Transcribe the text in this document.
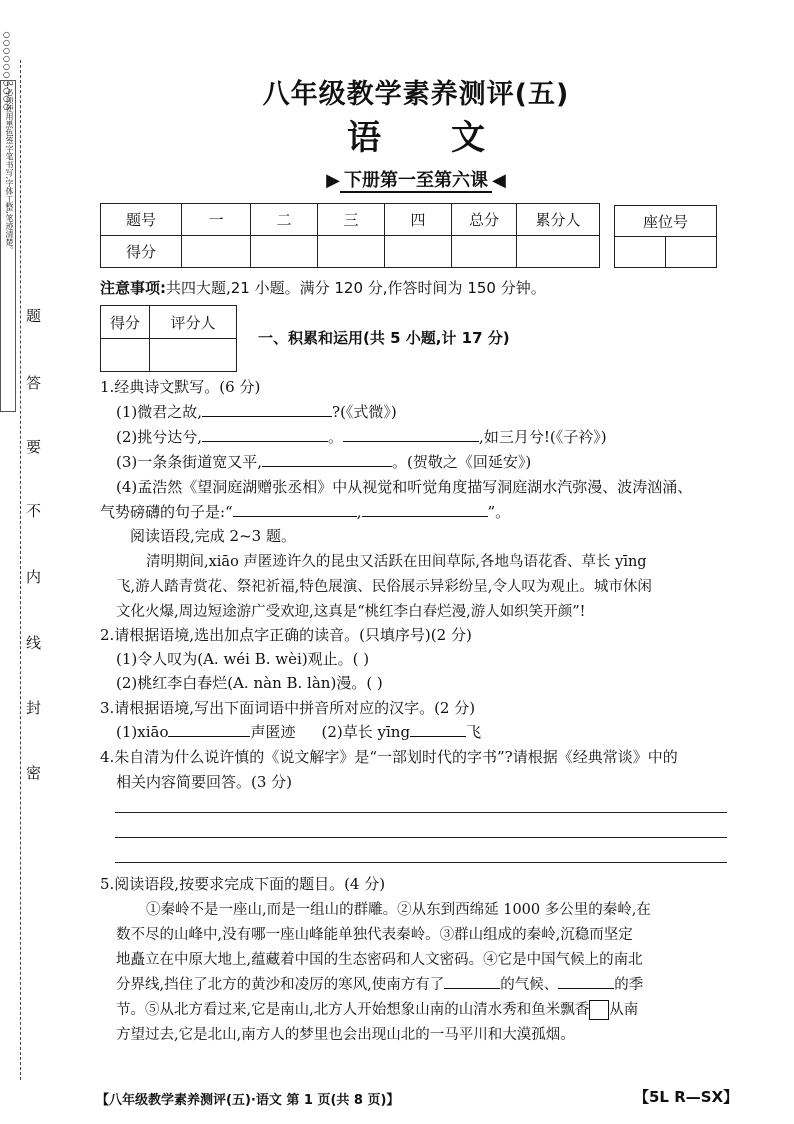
○○○○○○○○○○
2.必须使用黑色签字笔书写,字体工整,笔迹清楚。
题
答
要
不
内
线
封
密
八年级教学素养测评(五)
语文
▶ 下册第一至第六课 ◀
题号	一	二	三	四	总分	累分人
得分						
座位号

注意事项:共四大题,21 小题。满分 120 分,作答时间为 150 分钟。
得分	评分人

一、积累和运用(共 5 小题,计 17 分)
1.经典诗文默写。(6 分)
(1)微君之故,	?(《式微》)
(2)挑兮达兮,	。	,如三月兮!(《子衿》)
(3)一条条街道宽又平,	。(贺敬之《回延安》)
(4)孟浩然《望洞庭湖赠张丞相》中从视觉和听觉角度描写洞庭湖水汽弥漫、波涛汹涌、
气势磅礴的句子是:“	,	”。
阅读语段,完成 2~3 题。
清明期间,xiāo 声匿迹许久的昆虫又活跃在田间草际,各地鸟语花香、草长 yīng
飞,游人踏青赏花、祭祀祈福,特色展演、民俗展示异彩纷呈,令人叹为观止。城市休闲
文化火爆,周边短途游广受欢迎,这真是“桃红李白春烂漫,游人如织笑开颜”!
2.请根据语境,选出加点字正确的读音。(只填序号)(2 分)
(1)令人叹为(A. wéi B. wèi)观止。( )
(2)桃红李白春烂(A. nàn B. làn)漫。( )
3.请根据语境,写出下面词语中拼音所对应的汉字。(2 分)
(1)xiāo	声匿迹 (2)草长 yīng	飞
4.朱自清为什么说许慎的《说文解字》是“一部划时代的字书”?请根据《经典常谈》中的
相关内容简要回答。(3 分)
5.阅读语段,按要求完成下面的题目。(4 分)
①秦岭不是一座山,而是一组山的群雕。②从东到西绵延 1000 多公里的秦岭,在
数不尽的山峰中,没有哪一座山峰能单独代表秦岭。③群山组成的秦岭,沉稳而坚定
地矗立在中原大地上,蕴藏着中国的生态密码和人文密码。④它是中国气候上的南北
分界线,挡住了北方的黄沙和凌厉的寒风,使南方有了	的气候、	的季
节。⑤从北方看过来,它是南山,北方人开始想象山南的山清水秀和鱼米飘香 从南
方望过去,它是北山,南方人的梦里也会出现山北的一马平川和大漠孤烟。
【八年级教学素养测评(五)·语文 第 1 页(共 8 页)】	【5L R—SX】
